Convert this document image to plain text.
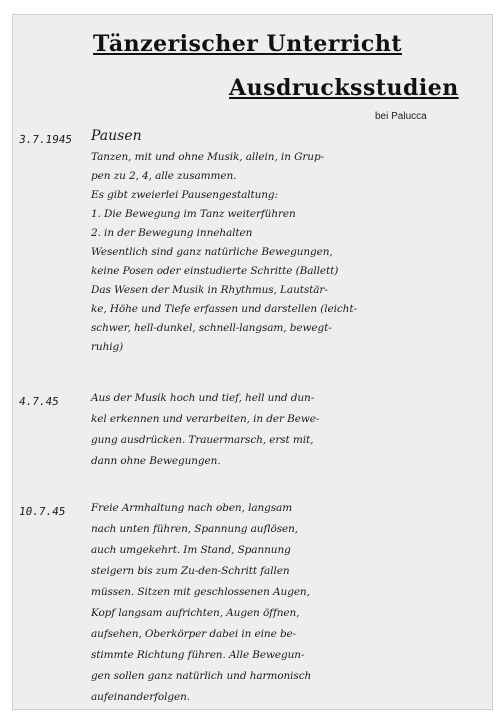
Tänzerischer Unterricht
Ausdrucksstudien
bei Palucca
3.7.1945 Pausen
Tanzen, mit und ohne Musik, allein, in Grup-
pen zu 2, 4, alle zusammen.
Es gibt zweierlei Pausengestaltung:
1. Die Bewegung im Tanz weiterführen
2. in der Bewegung innehalten
Wesentlich sind ganz natürliche Bewegungen,
keine Posen oder einstudierte Schritte (Ballett)
Das Wesen der Musik in Rhythmus, Lautstär-
ke, Höhe und Tiefe erfassen und darstellen (leicht-
schwer, hell-dunkel, schnell-langsam, bewegt-
ruhig)
4.7.45	Aus der Musik hoch und tief, hell und dun-
kel erkennen und verarbeiten, in der Bewe-
gung ausdrücken. Trauermarsch, erst mit,
dann ohne Bewegungen.
10.7.45 Freie Armhaltung nach oben, langsam
nach unten führen, Spannung auflösen,
auch umgekehrt. Im Stand, Spannung
steigern bis zum Zu-den-Schritt fallen
müssen. Sitzen mit geschlossenen Augen,
Kopf langsam aufrichten, Augen öffnen,
aufsehen, Oberkörper dabei in eine be-
stimmte Richtung führen. Alle Bewegun-
gen sollen ganz natürlich und harmonisch
aufeinanderfolgen.
